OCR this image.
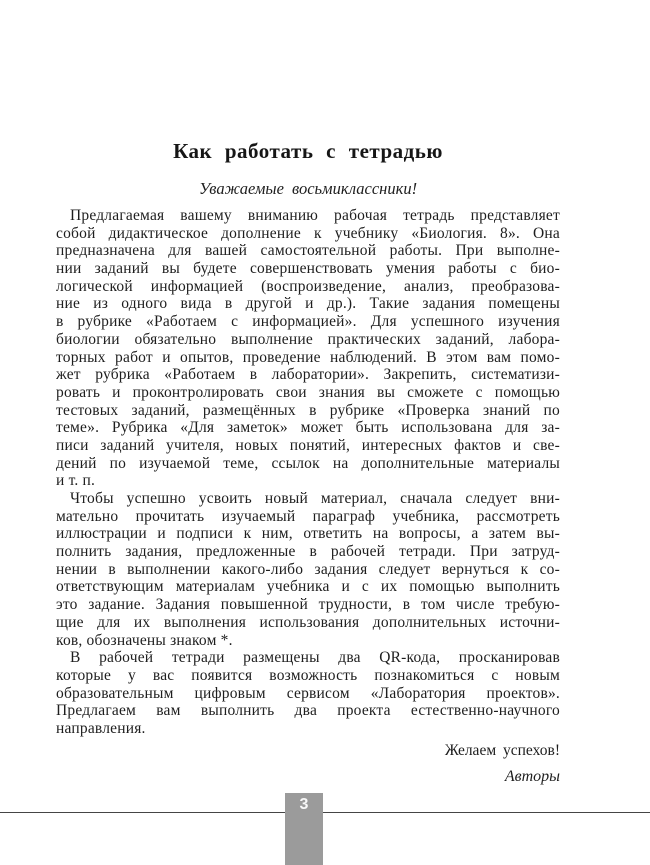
Как работать с тетрадью
Уважаемые восьмиклассники!
Предлагаемая вашему вниманию рабочая тетрадь представляет
собой дидактическое дополнение к учебнику «Биология. 8». Она
предназначена для вашей самостоятельной работы. При выполне-
нии заданий вы будете совершенствовать умения работы с био-
логической информацией (воспроизведение, анализ, преобразова-
ние из одного вида в другой и др.). Такие задания помещены
в рубрике «Работаем с информацией». Для успешного изучения
биологии обязательно выполнение практических заданий, лабора-
торных работ и опытов, проведение наблюдений. В этом вам помо-
жет рубрика «Работаем в лаборатории». Закрепить, систематизи-
ровать и проконтролировать свои знания вы сможете с помощью
тестовых заданий, размещённых в рубрике «Проверка знаний по
теме». Рубрика «Для заметок» может быть использована для за-
писи заданий учителя, новых понятий, интересных фактов и све-
дений по изучаемой теме, ссылок на дополнительные материалы
и т. п.
Чтобы успешно усвоить новый материал, сначала следует вни-
мательно прочитать изучаемый параграф учебника, рассмотреть
иллюстрации и подписи к ним, ответить на вопросы, а затем вы-
полнить задания, предложенные в рабочей тетради. При затруд-
нении в выполнении какого-либо задания следует вернуться к со-
ответствующим материалам учебника и с их помощью выполнить
это задание. Задания повышенной трудности, в том числе требую-
щие для их выполнения использования дополнительных источни-
ков, обозначены знаком *.
В рабочей тетради размещены два QR-кода, просканировав
которые у вас появится возможность познакомиться с новым
образовательным цифровым сервисом «Лаборатория проектов».
Предлагаем вам выполнить два проекта естественно-научного
направления.
Желаем успехов!
Авторы
3
